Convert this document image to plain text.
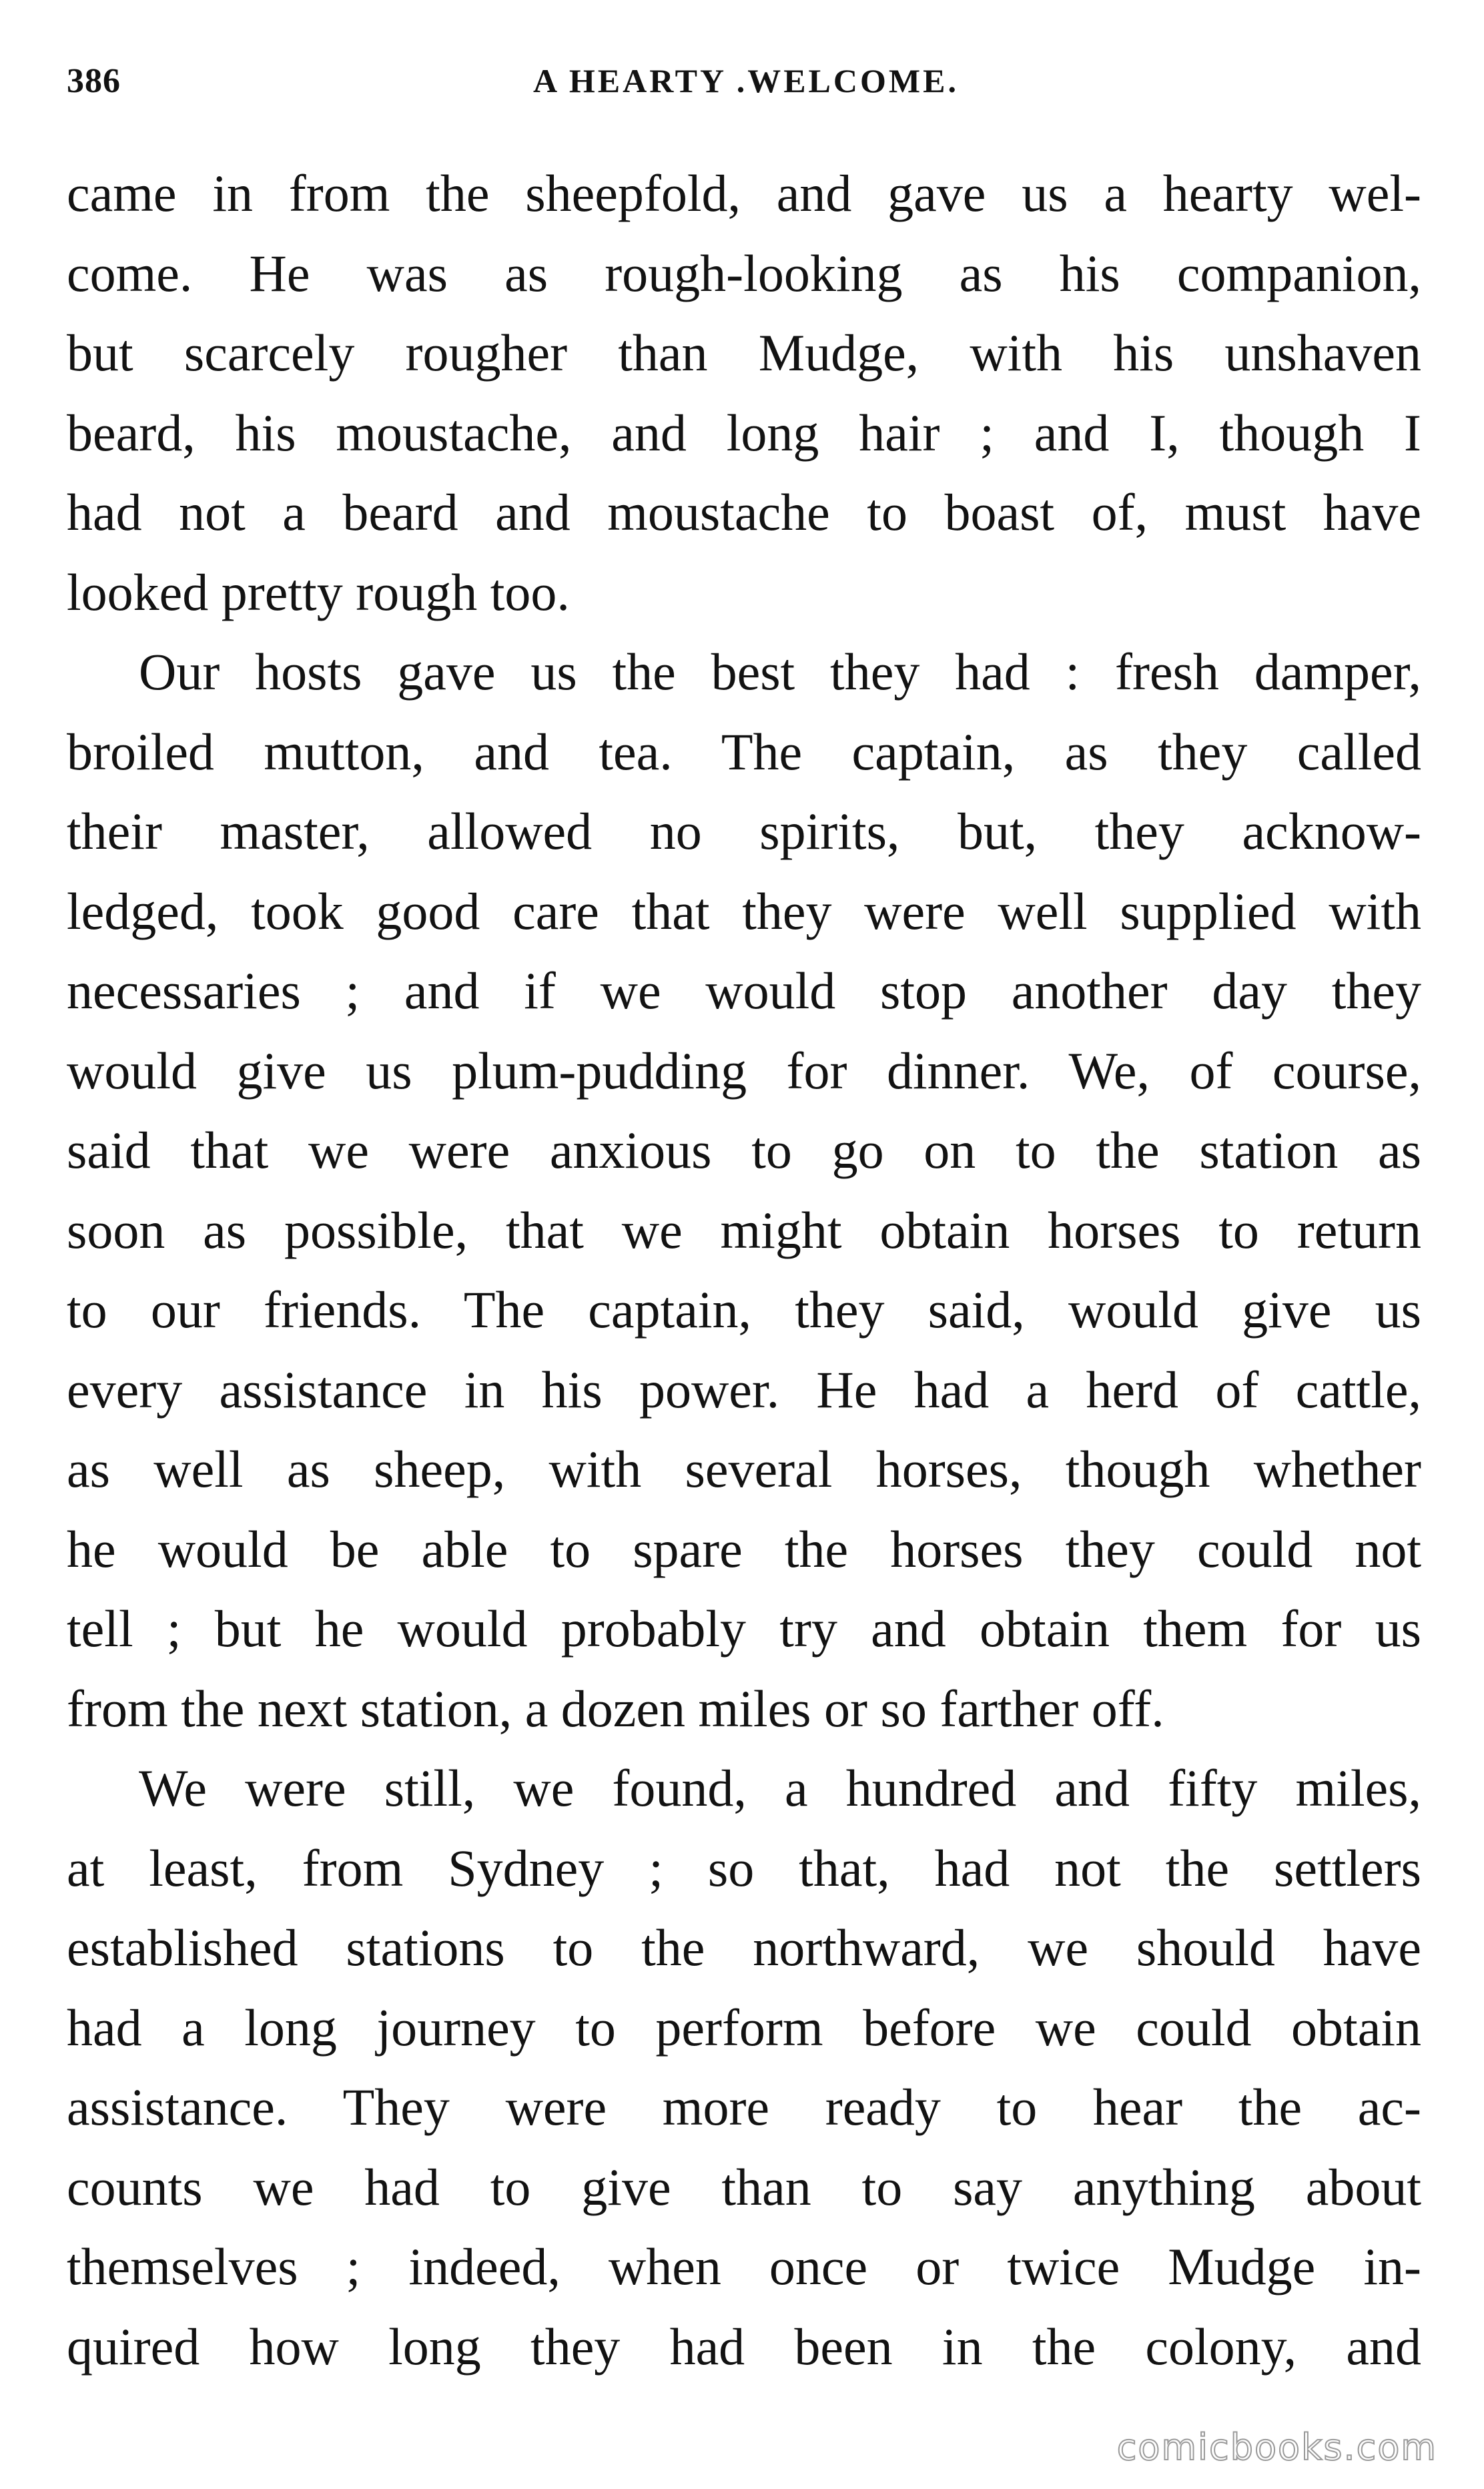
386	A HEARTY .WELCOME.
came in from the sheepfold, and gave us a hearty wel-
come. He was as rough-looking as his companion,
but scarcely rougher than Mudge, with his unshaven
beard, his moustache, and long hair ; and I, though I
had not a beard and moustache to boast of, must have
looked pretty rough too.
Our hosts gave us the best they had : fresh damper,
broiled mutton, and tea. The captain, as they called
their master, allowed no spirits, but, they acknow-
ledged, took good care that they were well supplied with
necessaries ; and if we would stop another day they
would give us plum-pudding for dinner. We, of course,
said that we were anxious to go on to the station as
soon as possible, that we might obtain horses to return
to our friends. The captain, they said, would give us
every assistance in his power. He had a herd of cattle,
as well as sheep, with several horses, though whether
he would be able to spare the horses they could not
tell ; but he would probably try and obtain them for us
from the next station, a dozen miles or so farther off.
We were still, we found, a hundred and fifty miles,
at least, from Sydney ; so that, had not the settlers
established stations to the northward, we should have
had a long journey to perform before we could obtain
assistance. They were more ready to hear the ac-
counts we had to give than to say anything about
themselves ; indeed, when once or twice Mudge in-
quired how long they had been in the colony, and
comicbooks.com
